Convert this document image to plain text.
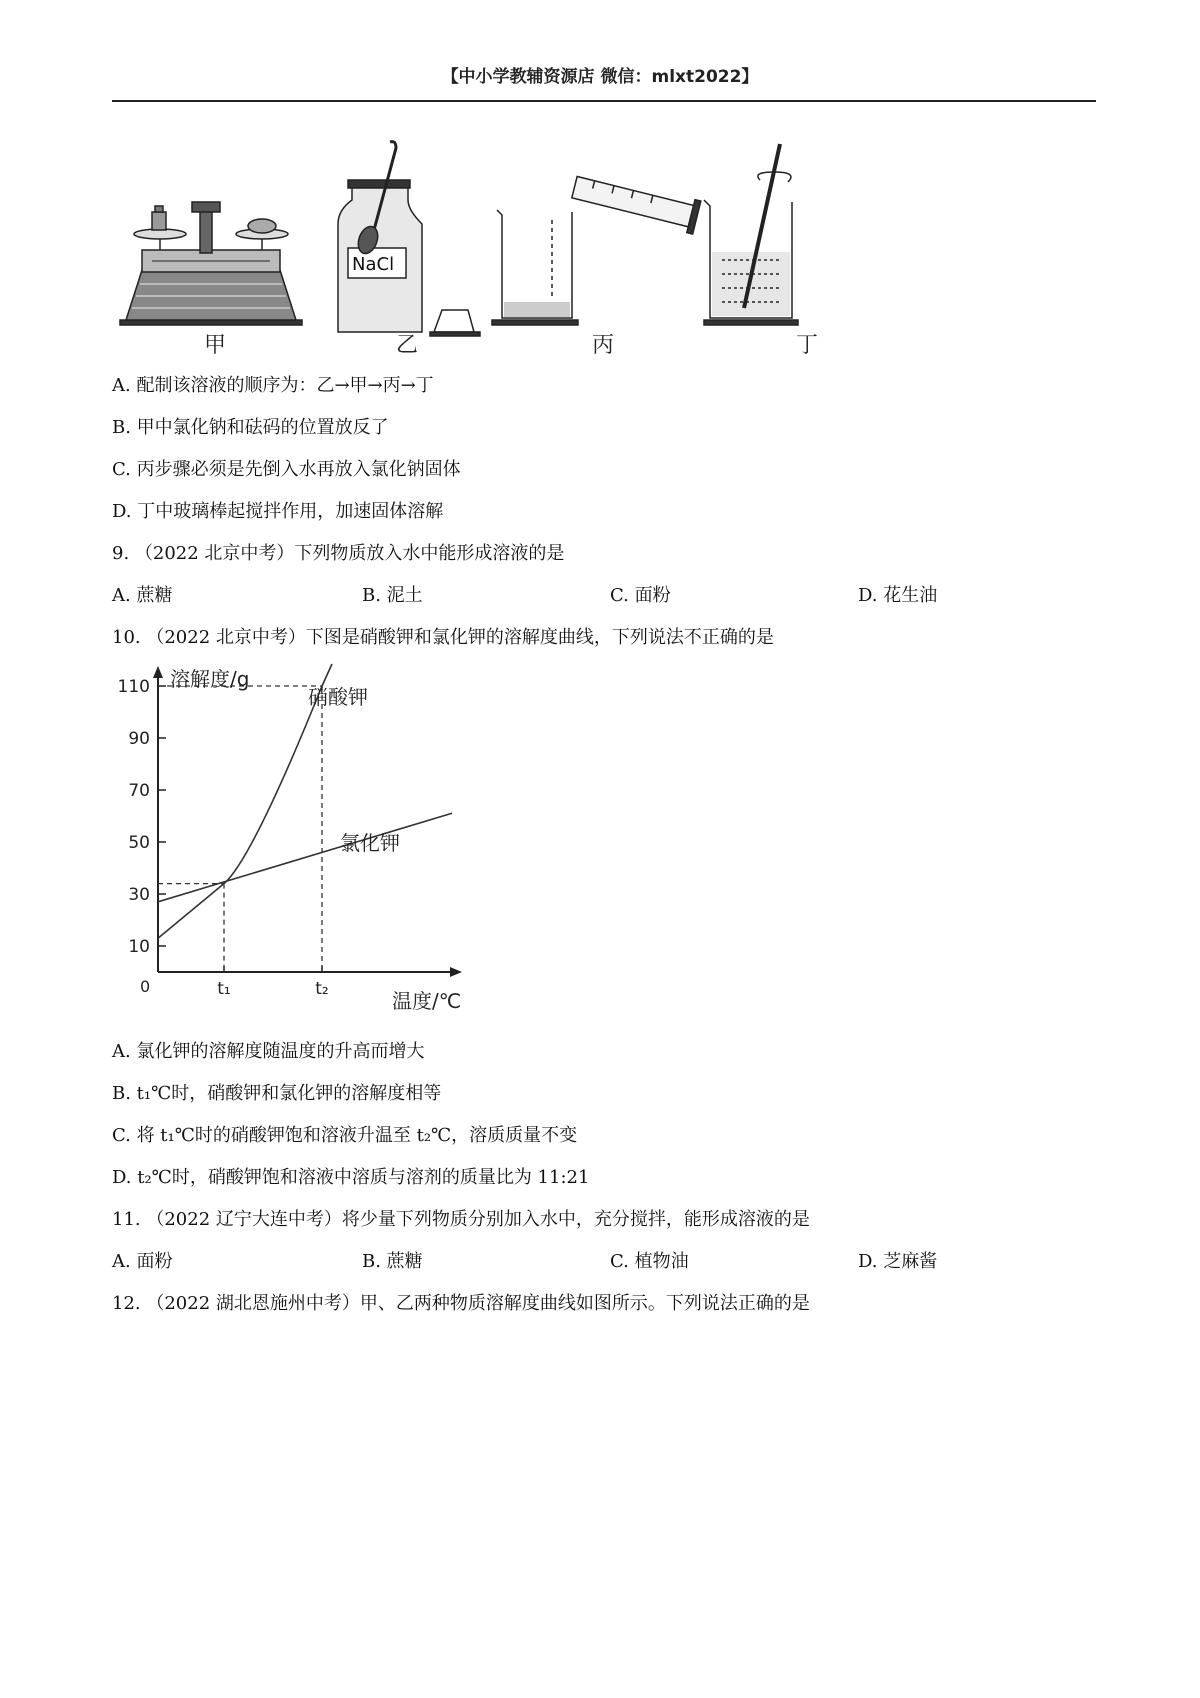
【中小学教辅资源店 微信：mlxt2022】
NaCl
甲	乙	丙	丁
A. 配制该溶液的顺序为：乙→甲→丙→丁
B. 甲中氯化钠和砝码的位置放反了
C. 丙步骤必须是先倒入水再放入氯化钠固体
D. 丁中玻璃棒起搅拌作用，加速固体溶解
9. （2022 北京中考）下列物质放入水中能形成溶液的是
A. 蔗糖	B. 泥土	C. 面粉	D. 花生油
10. （2022 北京中考）下图是硝酸钾和氯化钾的溶解度曲线，下列说法不正确的是
10
30
50
70
90
110
t₁	t₂
硝酸钾
氯化钾
溶解度/g
温度/℃
0
A. 氯化钾的溶解度随温度的升高而增大
B. t₁℃时，硝酸钾和氯化钾的溶解度相等
C. 将 t₁℃时的硝酸钾饱和溶液升温至 t₂℃，溶质质量不变
D. t₂℃时，硝酸钾饱和溶液中溶质与溶剂的质量比为 11:21
11. （2022 辽宁大连中考）将少量下列物质分别加入水中，充分搅拌，能形成溶液的是
A. 面粉	B. 蔗糖	C. 植物油	D. 芝麻酱
12. （2022 湖北恩施州中考）甲、乙两种物质溶解度曲线如图所示。下列说法正确的是
